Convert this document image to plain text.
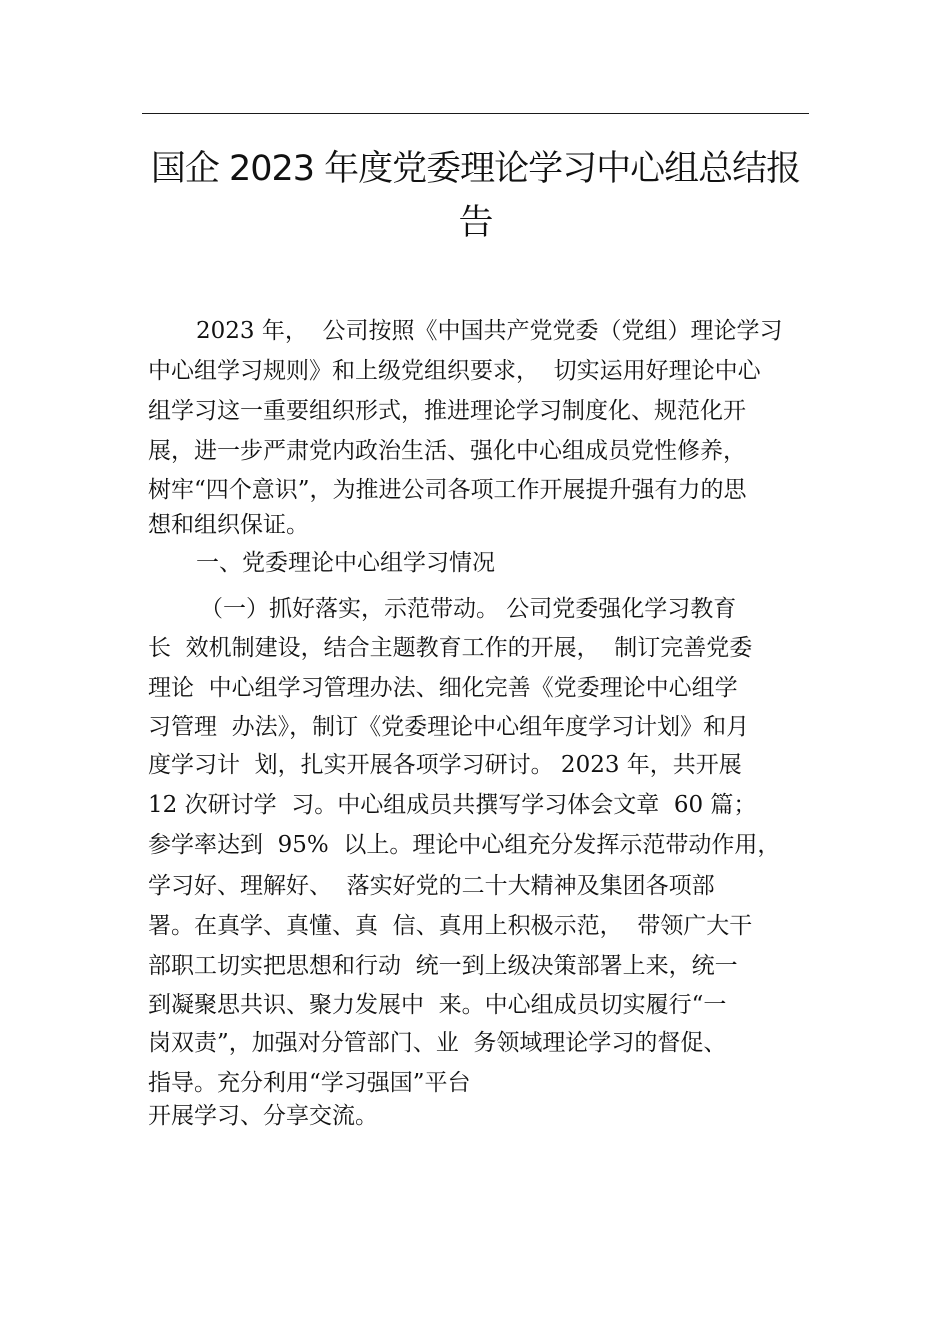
国企 2023 年度党委理论学习中心组总结报
告
2023 年，  公司按照《中国共产党党委（党组）理论学习
中心组学习规则》和上级党组织要求，  切实运用好理论中心
组学习这一重要组织形式，推进理论学习制度化、规范化开
展，进一步严肃党内政治生活、强化中心组成员党性修养，
树牢“四个意识”，为推进公司各项工作开展提升强有力的思
想和组织保证。
一、党委理论中心组学习情况
（一）抓好落实，示范带动。 公司党委强化学习教育
长  效机制建设，结合主题教育工作的开展，  制订完善党委
理论  中心组学习管理办法、细化完善《党委理论中心组学
习管理  办法》，制订《党委理论中心组年度学习计划》和月
度学习计  划，扎实开展各项学习研讨。 2023 年，共开展
12 次研讨学  习。中心组成员共撰写学习体会文章  60 篇；
参学率达到  95%  以上。理论中心组充分发挥示范带动作用，
学习好、理解好、  落实好党的二十大精神及集团各项部
署。在真学、真懂、真  信、真用上积极示范，  带领广大干
部职工切实把思想和行动  统一到上级决策部署上来，统一
到凝聚思共识、聚力发展中  来。中心组成员切实履行“一
岗双责”，加强对分管部门、业  务领域理论学习的督促、
指导。充分利用“学习强国”平台
开展学习、分享交流。
